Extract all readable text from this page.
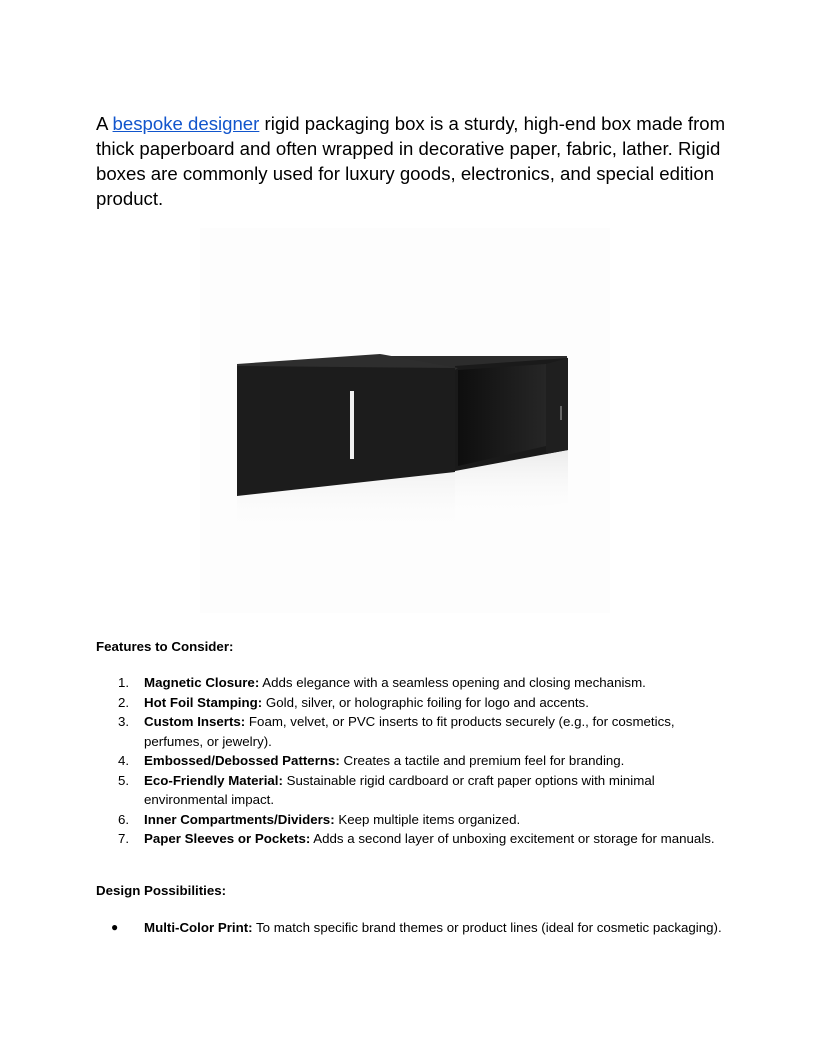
A bespoke designer rigid packaging box is a sturdy, high-end box made from thick paperboard and often wrapped in decorative paper, fabric, lather. Rigid boxes are commonly used for luxury goods, electronics, and special edition product.

Features to Consider:
1.	Magnetic Closure: Adds elegance with a seamless opening and closing mechanism.
2.	Hot Foil Stamping: Gold, silver, or holographic foiling for logo and accents.
3.	Custom Inserts: Foam, velvet, or PVC inserts to fit products securely (e.g., for cosmetics, perfumes, or jewelry).
4.	Embossed/Debossed Patterns: Creates a tactile and premium feel for branding.
5.	Eco-Friendly Material: Sustainable rigid cardboard or craft paper options with minimal environmental impact.
6.	Inner Compartments/Dividers: Keep multiple items organized.
7.	Paper Sleeves or Pockets: Adds a second layer of unboxing excitement or storage for manuals.
Design Possibilities:
● Multi-Color Print: To match specific brand themes or product lines (ideal for cosmetic packaging).
